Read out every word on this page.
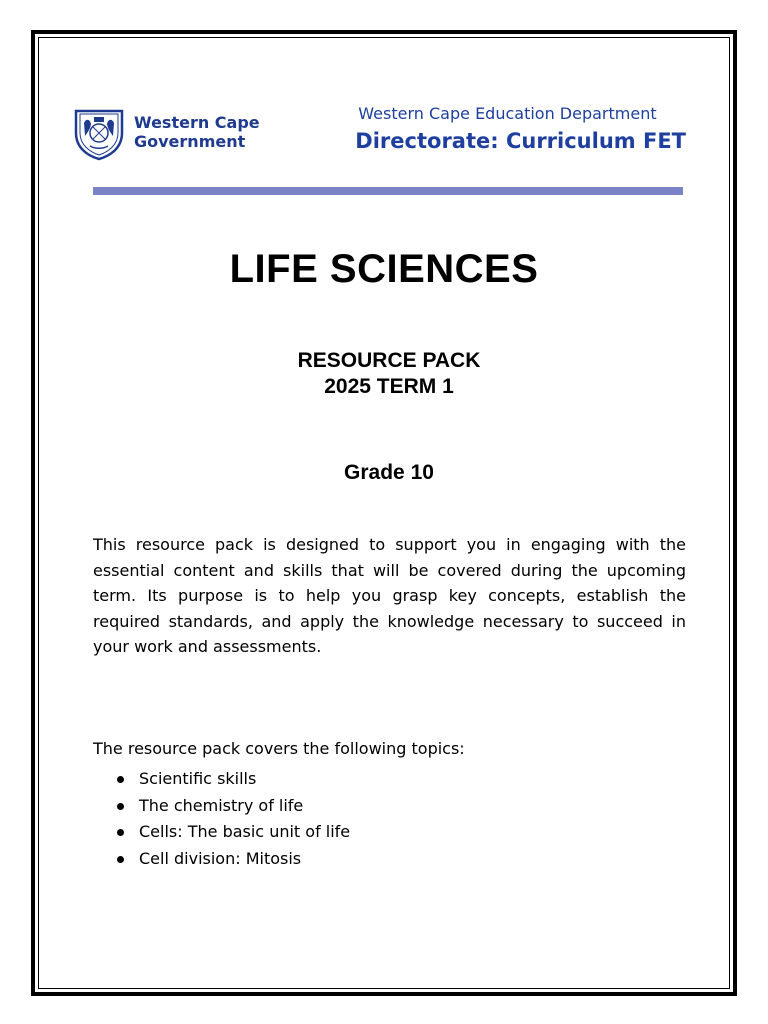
Western Cape
Government
Western Cape Education Department
Directorate: Curriculum FET
LIFE SCIENCES
RESOURCE PACK
2025 TERM 1
Grade 10

This resource pack is designed to support you in engaging with the essential content and skills that will be covered during the upcoming term. Its purpose is to help you grasp key concepts, establish the required standards, and apply the knowledge necessary to succeed in your work and assessments.

The resource pack covers the following topics:

Scientific skills
The chemistry of life
Cells: The basic unit of life
Cell division: Mitosis
